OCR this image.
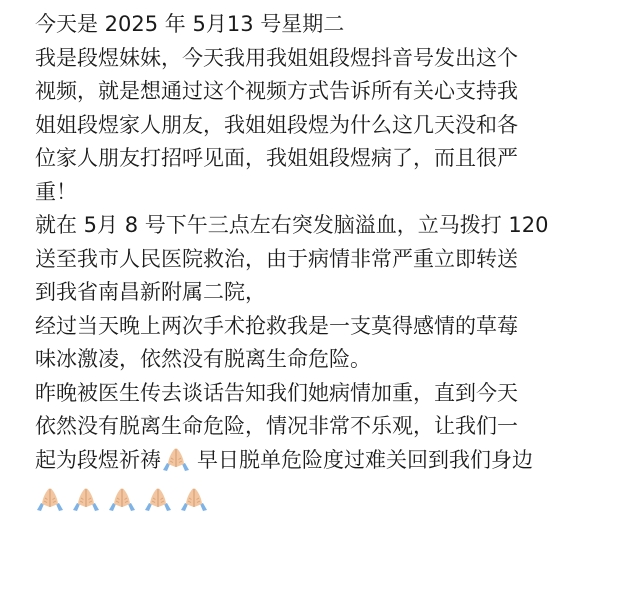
今天是 2025 年 5月13 号星期二
我是段煜妹妹，今天我用我姐姐段煜抖音号发出这个
视频，就是想通过这个视频方式告诉所有关心支持我
姐姐段煜家人朋友，我姐姐段煜为什么这几天没和各
位家人朋友打招呼见面，我姐姐段煜病了，而且很严
重！
就在 5月 8 号下午三点左右突发脑溢血，立马拨打 120
送至我市人民医院救治，由于病情非常严重立即转送
到我省南昌新附属二院，
经过当天晚上两次手术抢救我是一支莫得感情的草莓
味冰激凌，依然没有脱离生命危险。
昨晚被医生传去谈话告知我们她病情加重，直到今天
依然没有脱离生命危险，情况非常不乐观，让我们一
起为段煜祈祷 早日脱单危险度过难关回到我们身边
